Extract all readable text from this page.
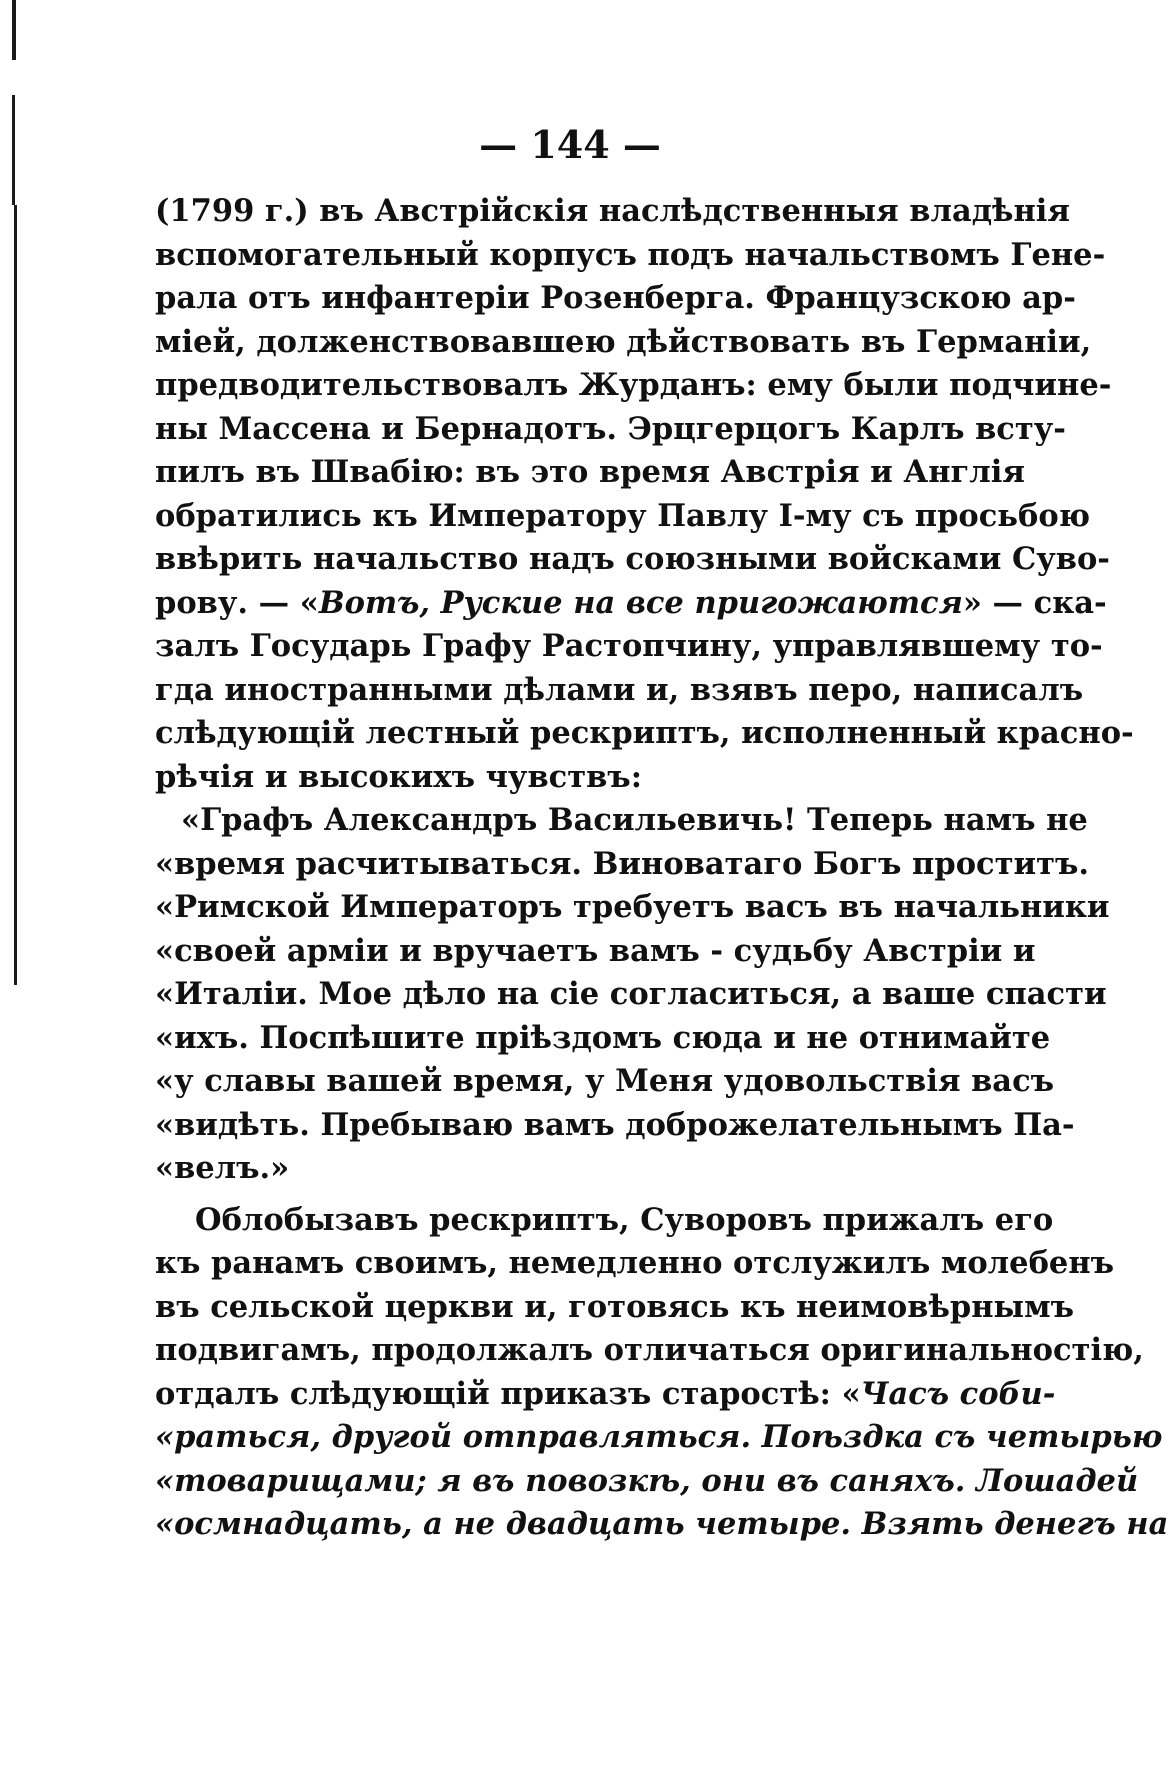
— 144 —
(1799 г.) въ Австрійскія наслѣдственныя владѣнія
вспомогательный корпусъ подъ начальствомъ Гене-
рала отъ инфантеріи Розенберга. Французскою ар-
міей, долженствовавшею дѣйствовать въ Германіи,
предводительствовалъ Журданъ: ему были подчине-
ны Массена и Бернадотъ. Эрцгерцогъ Карлъ всту-
пилъ въ Швабію: въ это время Австрія и Англія
обратились къ Императору Павлу I-му съ просьбою
ввѣрить начальство надъ союзными войсками Суво-
рову. — «Вотъ, Руские на все пригожаются» — ска-
залъ Государь Графу Растопчину, управлявшему то-
гда иностранными дѣлами и, взявъ перо, написалъ
слѣдующій лестный рескриптъ, исполненный красно-
рѣчія и высокихъ чувствъ:
«Графъ Александръ Васильевичь! Теперь намъ не
«время расчитываться. Виноватаго Богъ проститъ.
«Римской Императоръ требуетъ васъ въ начальники
«своей арміи и вручаетъ вамъ - судьбу Австріи и
«Италіи. Мое дѣло на сіе согласиться, а ваше спасти
«ихъ. Поспѣшите пріѣздомъ сюда и не отнимайте
«у славы вашей время, у Меня удовольствія васъ
«видѣть. Пребываю вамъ доброжелательнымъ Па-
«велъ.»
Облобызавъ рескриптъ, Суворовъ прижалъ его
къ ранамъ своимъ, немедленно отслужилъ молебенъ
въ сельской церкви и, готовясь къ неимовѣрнымъ
подвигамъ, продолжалъ отличаться оригинальностію,
отдалъ слѣдующій приказъ старостѣ: «Часъ соби-
«раться, другой отправляться. Поѣздка съ четырью
«товарищами; я въ повозкѣ, они въ саняхъ. Лошадей
«осмнадцать, а не двадцать четыре. Взять денегъ на
